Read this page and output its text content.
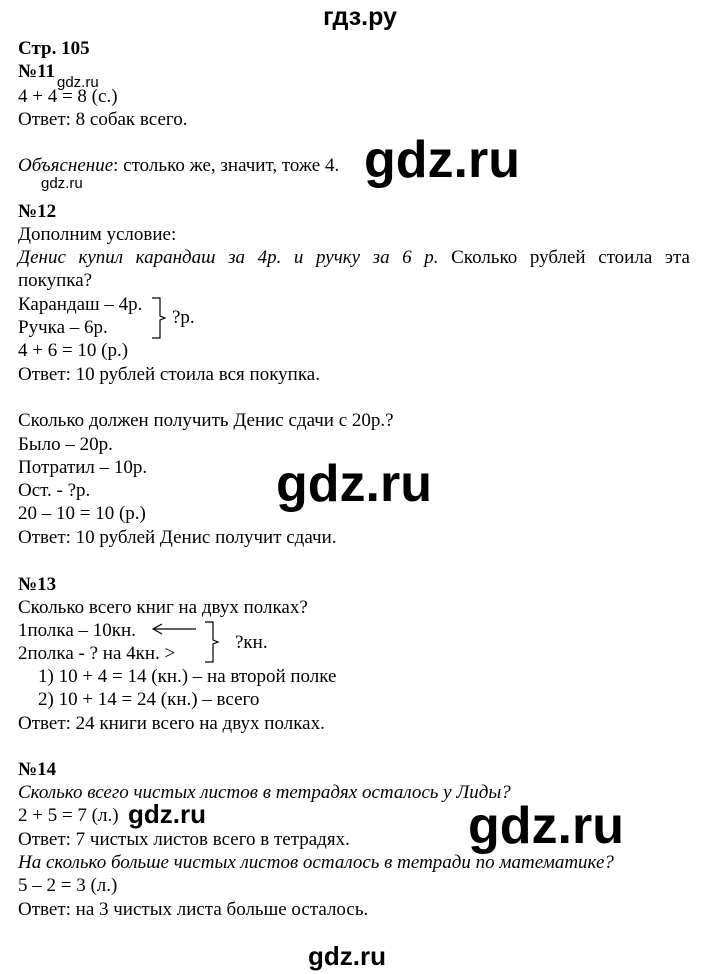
гдз.ру
Стр. 105
№11
gdz.ru
4 + 4 = 8 (с.)
Ответ: 8 собак всего.
Объяснение: столько же, значит, тоже 4. gdz.ru
gdz.ru
№12
Дополним условие:
Денис купил карандаш за 4р. и ручку за 6 р. Сколько рублей стоила эта
покупка?
Карандаш – 4р.
Ручка – 6р.	?р.
4 + 6 = 10 (р.)
Ответ: 10 рублей стоила вся покупка.
Сколько должен получить Денис сдачи с 20р.?
Было – 20р.
Потратил – 10р.
Ост. - ?р.
20 – 10 = 10 (р.)
Ответ: 10 рублей Денис получит сдачи.
gdz.ru
№13
Сколько всего книг на двух полках?
1полка – 10кн.
2полка - ? на 4кн. >
?кн.
1) 10 + 4 = 14 (кн.) – на второй полке
2) 10 + 14 = 24 (кн.) – всего
Ответ: 24 книги всего на двух полках.
№14
Сколько всего чистых листов в тетрадях осталось у Лиды?
2 + 5 = 7 (л.) gdz.ru
Ответ: 7 чистых листов всего в тетрадях.
На сколько больше чистых листов осталось в тетради по математике?
5 – 2 = 3 (л.)
Ответ: на 3 чистых листа больше осталось.
gdz.ru
gdz.ru
